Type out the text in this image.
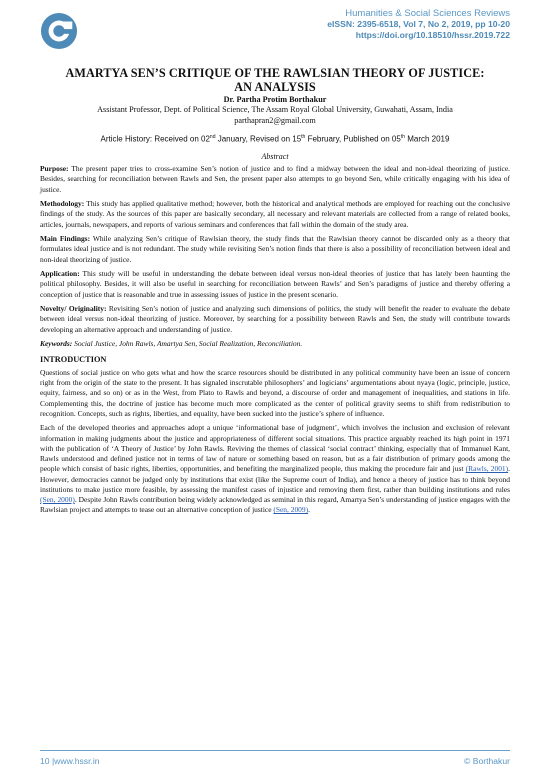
Humanities & Social Sciences Reviews
eISSN: 2395-6518, Vol 7, No 2, 2019, pp 10-20
https://doi.org/10.18510/hssr.2019.722
AMARTYA SEN’S CRITIQUE OF THE RAWLSIAN THEORY OF JUSTICE:
AN ANALYSIS
Dr. Partha Protim Borthakur
Assistant Professor, Dept. of Political Science, The Assam Royal Global University, Guwahati, Assam, India
parthapran2@gmail.com

Article History: Received on 02nd January, Revised on 15th February, Published on 05th March 2019

Abstract

Purpose: The present paper tries to cross-examine Sen’s notion of justice and to find a midway between the ideal and non-ideal theorizing of justice. Besides, searching for reconciliation between Rawls and Sen, the present paper also attempts to go beyond Sen, while critically engaging with his idea of justice.

Methodology: This study has applied qualitative method; however, both the historical and analytical methods are employed for reaching out the conclusive findings of the study. As the sources of this paper are basically secondary, all necessary and relevant materials are collected from a range of related books, articles, journals, newspapers, and reports of various seminars and conferences that fall within the domain of the study area.

Main Findings: While analyzing Sen’s critique of Rawlsian theory, the study finds that the Rawlsian theory cannot be discarded only as a theory that formulates ideal justice and is not redundant. The study while revisiting Sen’s notion finds that there is also a possibility of reconciliation between ideal and non-ideal theorizing of justice.

Application: This study will be useful in understanding the debate between ideal versus non-ideal theories of justice that has lately been haunting the political philosophy. Besides, it will also be useful in searching for reconciliation between Rawls’ and Sen’s paradigms of justice and thereby offering a conception of justice that is reasonable and true in assessing issues of justice in the present scenario.

Novelty/ Originality: Revisiting Sen’s notion of justice and analyzing such dimensions of politics, the study will benefit the reader to evaluate the debate between ideal versus non-ideal theorizing of justice. Moreover, by searching for a possibility between Rawls and Sen, the study will contribute towards developing an alternative approach and understanding of justice.

Keywords: Social Justice, John Rawls, Amartya Sen, Social Realization, Reconciliation.

INTRODUCTION

Questions of social justice on who gets what and how the scarce resources should be distributed in any political community have been an issue of concern right from the origin of the state to the present. It has signaled inscrutable philosophers’ and logicians’ argumentations about nyaya (logic, principle, justice, equity, fairness, and so on) or as in the West, from Plato to Rawls and beyond, a discourse of order and management of inequalities, and stations in life. Complementing this, the doctrine of justice has become much more complicated as the center of political gravity seems to shift from redistribution to recognition. Concepts, such as rights, liberties, and equality, have been sucked into the justice’s sphere of influence.

Each of the developed theories and approaches adopt a unique ‘informational base of judgment’, which involves the inclusion and exclusion of relevant information in making judgments about the justice and appropriateness of different social situations. This practice arguably reached its high point in 1971 with the publication of ‘A Theory of Justice’ by John Rawls. Reviving the themes of classical ‘social contract’ thinking, especially that of Immanuel Kant, Rawls understood and defined justice not in terms of law of nature or something based on reason, but as a fair distribution of primary goods among the people which consist of basic rights, liberties, opportunities, and benefiting the marginalized people, thus making the procedure fair and just (Rawls, 2001). However, democracies cannot be judged only by institutions that exist (like the Supreme court of India), and hence a theory of justice has to think beyond institutions to make justice more feasible, by assessing the manifest cases of injustice and removing them first, rather than building institutions and rules (Sen, 2000). Despite John Rawls contribution being widely acknowledged as seminal in this regard, Amartya Sen’s understanding of justice engages with the Rawlsian project and attempts to tease out an alternative conception of justice (Sen, 2009).

10 |www.hssr.in	© Borthakur
